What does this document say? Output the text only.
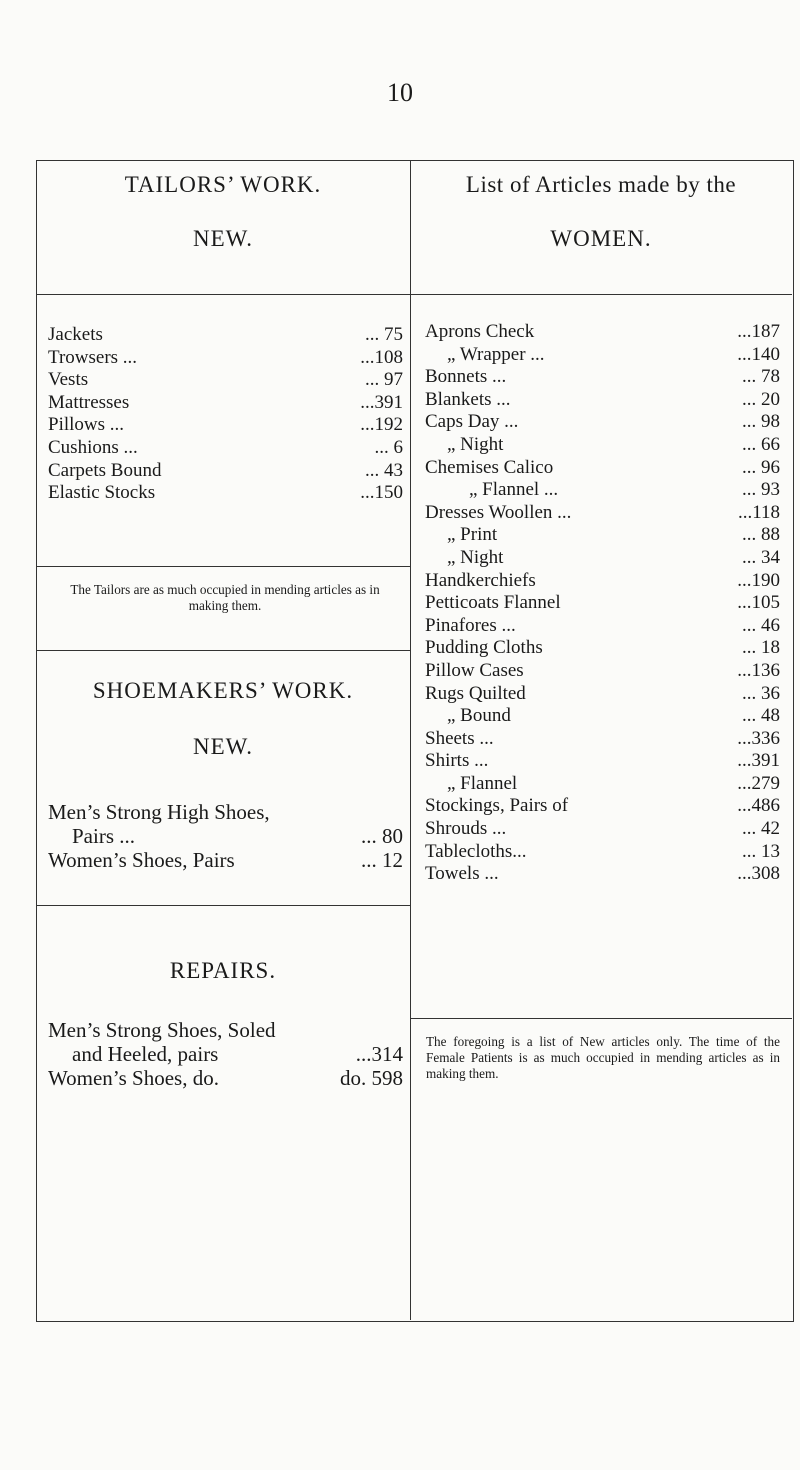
10
TAILORS’ WORK.
NEW.
List of Articles made by the
WOMEN.
Jackets	... 75
Trowsers ...	...108
Vests	... 97
Mattresses	...391
Pillows ...	...192
Cushions ...	... 6
Carpets Bound	... 43
Elastic Stocks	...150
The Tailors are as much occupied in mending articles as in making them.
SHOEMAKERS’ WORK.
NEW.
Men’s Strong High Shoes,
Pairs ...	... 80
Women’s Shoes, Pairs	... 12
REPAIRS.
Men’s Strong Shoes, Soled
and Heeled, pairs	...314
Women’s Shoes, do.	do. 598
Aprons Check	...187
„ Wrapper ...	...140
Bonnets ...	... 78
Blankets ...	... 20
Caps Day ...	... 98
„ Night	... 66
Chemises Calico	... 96
„ Flannel ...	... 93
Dresses Woollen ...	...118
„ Print	... 88
„ Night	... 34
Handkerchiefs	...190
Petticoats Flannel	...105
Pinafores ...	... 46
Pudding Cloths	... 18
Pillow Cases	...136
Rugs Quilted	... 36
„ Bound	... 48
Sheets ...	...336
Shirts ...	...391
„ Flannel	...279
Stockings, Pairs of	...486
Shrouds ...	... 42
Tablecloths...	... 13
Towels ...	...308
The foregoing is a list of New articles only. The time of the Female Patients is as much occupied in mending articles as in making them.
